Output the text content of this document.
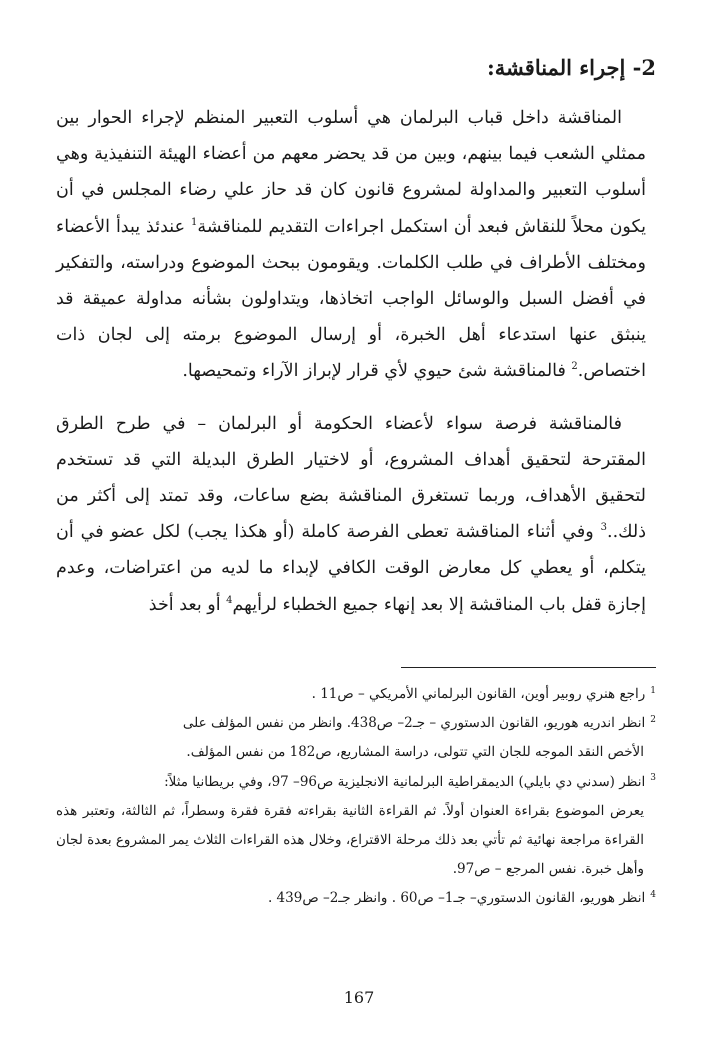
2- إجراء المناقشة:

المناقشة داخل قباب البرلمان هي أسلوب التعبير المنظم لإجراء الحوار بين ممثلي الشعب فيما بينهم، وبين من قد يحضر معهم من أعضاء الهيئة التنفيذية وهي أسلوب التعبير والمداولة لمشروع قانون كان قد حاز علي رضاء المجلس في أن يكون محلاً للنقاش فبعد أن استكمل اجراءات التقديم للمناقشة$^1$ عندئذ يبدأ الأعضاء ومختلف الأطراف في طلب الكلمات. ويقومون ببحث الموضوع ودراسته، والتفكير في أفضل السبل والوسائل الواجب اتخاذها، ويتداولون بشأنه مداولة عميقة قد ينبثق عنها استدعاء أهل الخبرة، أو إرسال الموضوع برمته إلى لجان ذات اختصاص.$^2$ فالمناقشة شئ حيوي لأي قرار لإبراز الآراء وتمحيصها.

فالمناقشة فرصة سواء لأعضاء الحكومة أو البرلمان – في طرح الطرق المقترحة لتحقيق أهداف المشروع، أو لاختيار الطرق البديلة التي قد تستخدم لتحقيق الأهداف، وربما تستغرق المناقشة بضع ساعات، وقد تمتد إلى أكثر من ذلك..$^3$ وفي أثناء المناقشة تعطى الفرصة كاملة (أو هكذا يجب) لكل عضو في أن يتكلم، أو يعطي كل معارض الوقت الكافي لإبداء ما لديه من اعتراضات، وعدم إجازة قفل باب المناقشة إلا بعد إنهاء جميع الخطباء لرأيهم$^4$ أو بعد أخذ

$^1$راجع هنري روبير أوين، القانون البرلماني الأمريكي – ص11 .

$^2$انظر اندريه هوريو، القانون الدستوري – جـ2– ص438. وانظر من نفس المؤلف على
الأخص النقد الموجه للجان التي تتولى، دراسة المشاريع، ص182 من نفس المؤلف.

$^3$انظر (سدني دي بايلي) الديمقراطية البرلمانية الانجليزية ص96– 97، وفي بريطانيا مثلاً:
يعرض الموضوع بقراءة العنوان أولاً. ثم القراءة الثانية بقراءته فقرة فقرة وسطراً، ثم الثالثة، وتعتبر هذه القراءة مراجعة نهائية ثم تأتي بعد ذلك مرحلة الاقتراع، وخلال هذه القراءات الثلاث يمر المشروع بعدة لجان وأهل خبرة. نفس المرجع – ص97.

$^4$انظر هوريو، القانون الدستوري– جـ1– ص60 . وانظر جـ2– ص439 .

167
